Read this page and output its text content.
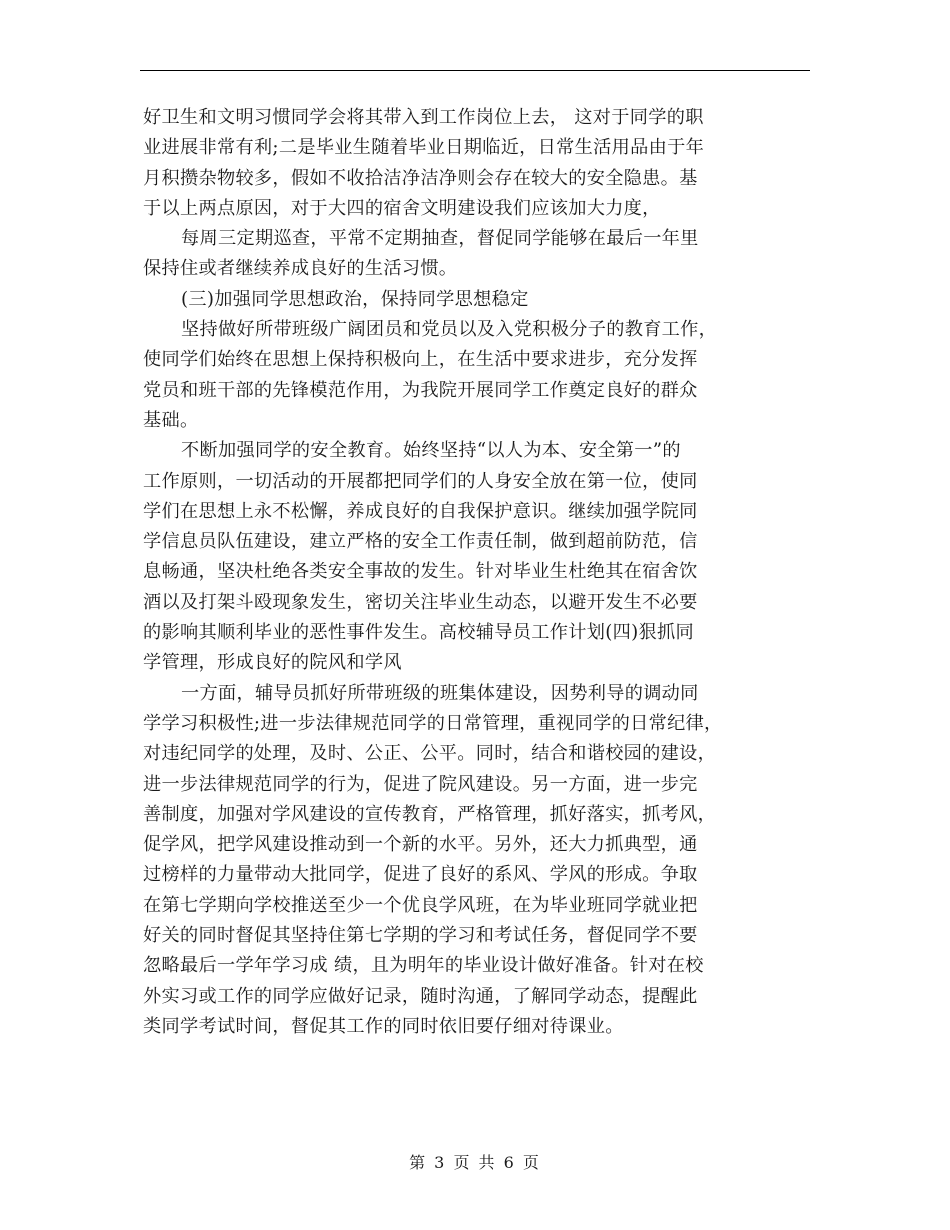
好卫生和文明习惯同学会将其带入到工作岗位上去， 这对于同学的职
业进展非常有利;二是毕业生随着毕业日期临近，日常生活用品由于年
月积攒杂物较多，假如不收拾洁净洁净则会存在较大的安全隐患。基
于以上两点原因，对于大四的宿舍文明建设我们应该加大力度，
每周三定期巡查，平常不定期抽查，督促同学能够在最后一年里
保持住或者继续养成良好的生活习惯。
(三)加强同学思想政治，保持同学思想稳定
坚持做好所带班级广阔团员和党员以及入党积极分子的教育工作，
使同学们始终在思想上保持积极向上，在生活中要求进步，充分发挥
党员和班干部的先锋模范作用，为我院开展同学工作奠定良好的群众
基础。
不断加强同学的安全教育。始终坚持“以人为本、安全第一”的
工作原则，一切活动的开展都把同学们的人身安全放在第一位，使同
学们在思想上永不松懈，养成良好的自我保护意识。继续加强学院同
学信息员队伍建设，建立严格的安全工作责任制，做到超前防范，信
息畅通，坚决杜绝各类安全事故的发生。针对毕业生杜绝其在宿舍饮
酒以及打架斗殴现象发生，密切关注毕业生动态，以避开发生不必要
的影响其顺利毕业的恶性事件发生。高校辅导员工作计划(四)狠抓同
学管理，形成良好的院风和学风
一方面，辅导员抓好所带班级的班集体建设，因势利导的调动同
学学习积极性;进一步法律规范同学的日常管理，重视同学的日常纪律，
对违纪同学的处理，及时、公正、公平。同时，结合和谐校园的建设，
进一步法律规范同学的行为，促进了院风建设。另一方面，进一步完
善制度，加强对学风建设的宣传教育，严格管理，抓好落实，抓考风，
促学风，把学风建设推动到一个新的水平。另外，还大力抓典型，通
过榜样的力量带动大批同学，促进了良好的系风、学风的形成。争取
在第七学期向学校推送至少一个优良学风班，在为毕业班同学就业把
好关的同时督促其坚持住第七学期的学习和考试任务，督促同学不要
忽略最后一学年学习成 绩，且为明年的毕业设计做好准备。针对在校
外实习或工作的同学应做好记录，随时沟通，了解同学动态，提醒此
类同学考试时间，督促其工作的同时依旧要仔细对待课业。
第 3 页 共 6 页
